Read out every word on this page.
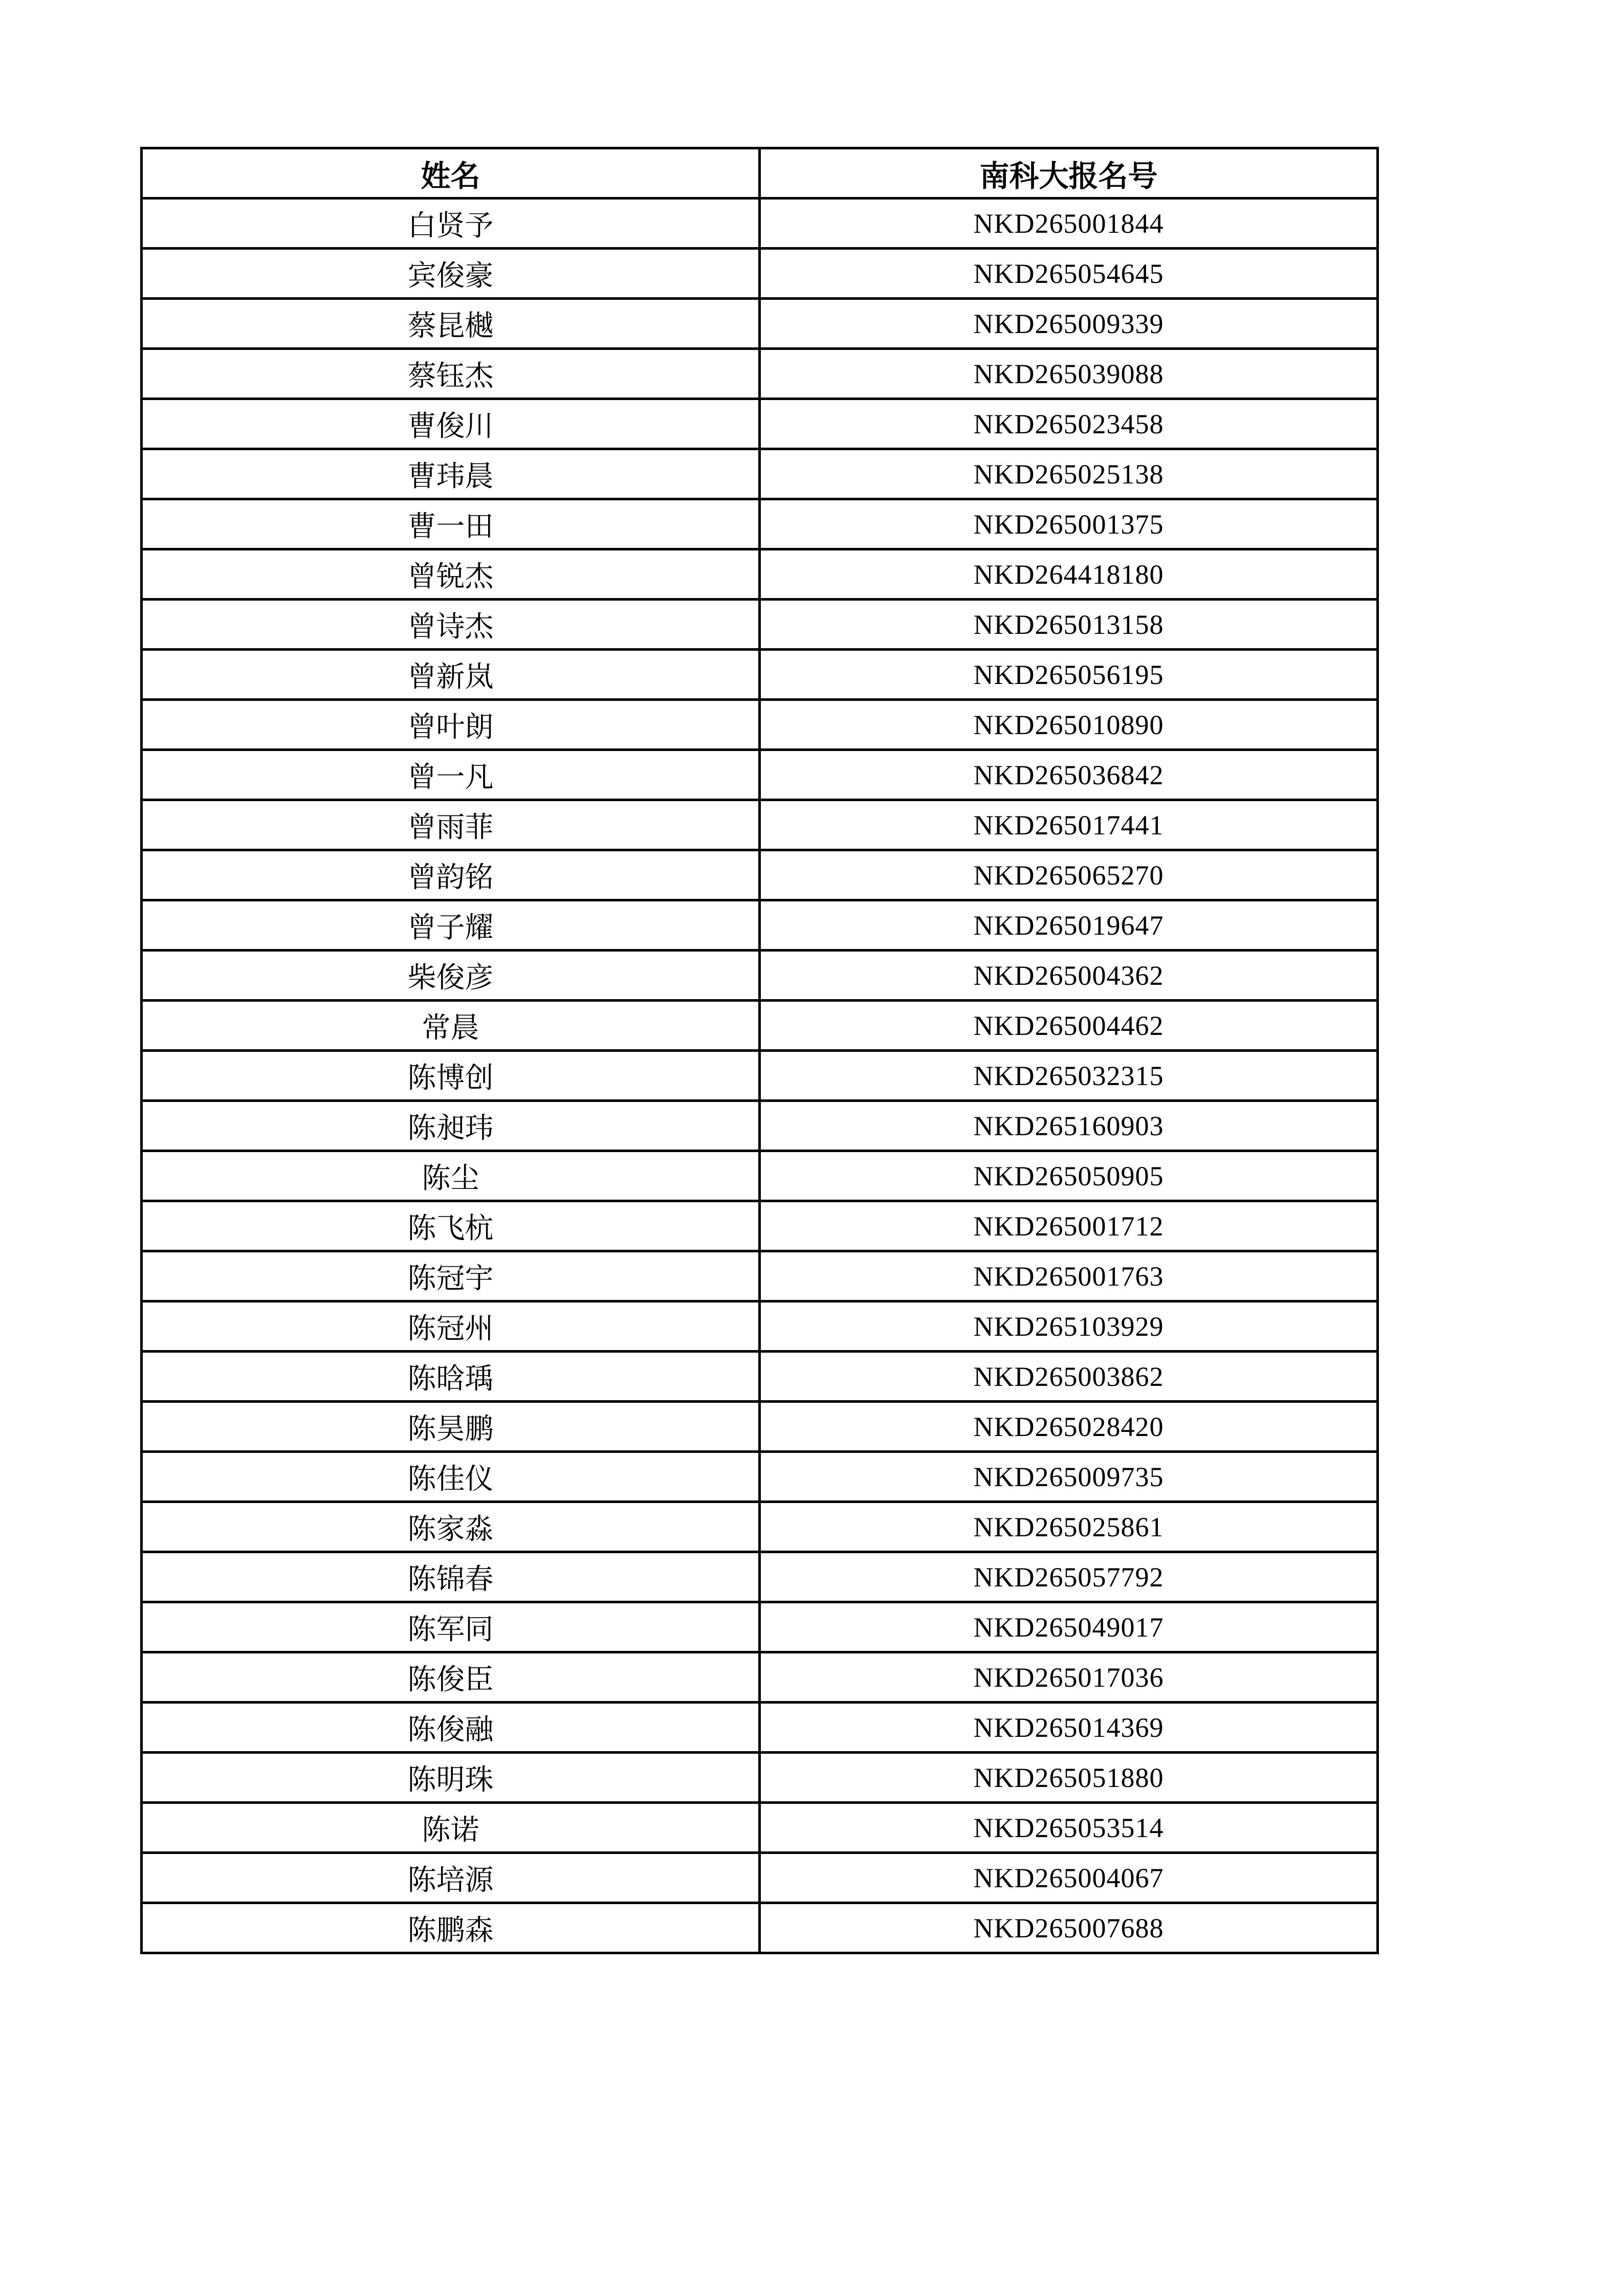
姓名	南科大报名号
白贤予	NKD265001844
宾俊豪	NKD265054645
蔡昆樾	NKD265009339
蔡钰杰	NKD265039088
曹俊川	NKD265023458
曹玮晨	NKD265025138
曹一田	NKD265001375
曾锐杰	NKD264418180
曾诗杰	NKD265013158
曾新岚	NKD265056195
曾叶朗	NKD265010890
曾一凡	NKD265036842
曾雨菲	NKD265017441
曾韵铭	NKD265065270
曾子耀	NKD265019647
柴俊彦	NKD265004362
常晨	NKD265004462
陈博创	NKD265032315
陈昶玮	NKD265160903
陈尘	NKD265050905
陈飞杭	NKD265001712
陈冠宇	NKD265001763
陈冠州	NKD265103929
陈晗瑀	NKD265003862
陈昊鹏	NKD265028420
陈佳仪	NKD265009735
陈家淼	NKD265025861
陈锦春	NKD265057792
陈军同	NKD265049017
陈俊臣	NKD265017036
陈俊融	NKD265014369
陈明珠	NKD265051880
陈诺	NKD265053514
陈培源	NKD265004067
陈鹏森	NKD265007688
